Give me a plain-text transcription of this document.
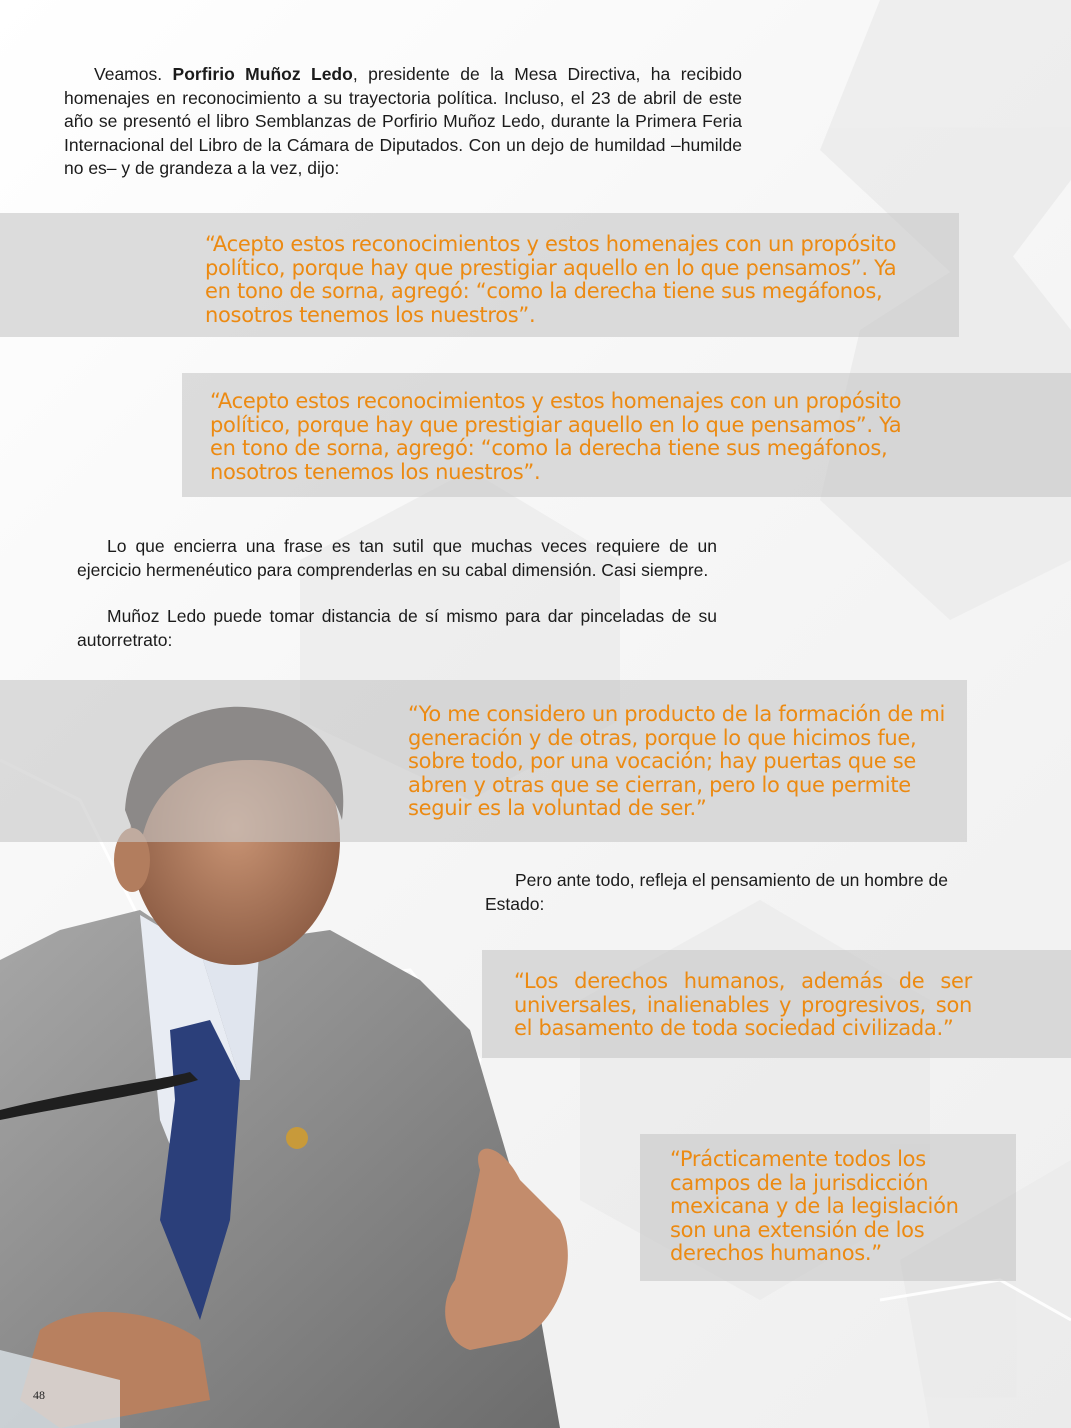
Veamos. Porfirio Muñoz Ledo, presidente de la Mesa Directiva, ha recibido homenajes en reconocimiento a su trayectoria política. Incluso, el 23 de abril de este año se presentó el libro Semblanzas de Porfirio Muñoz Ledo, durante la Primera Feria Internacional del Libro de la Cámara de Diputados. Con un dejo de humildad –humilde no es– y de grandeza a la vez, dijo:

“Acepto estos reconocimientos y estos homenajes con un propósito político, porque hay que prestigiar aquello en lo que pensamos”. Ya en tono de sorna, agregó: “como la derecha tiene sus megáfonos, nosotros tenemos los nuestros”.

“Acepto estos reconocimientos y estos homenajes con un propósito político, porque hay que prestigiar aquello en lo que pensamos”. Ya en tono de sorna, agregó: “como la derecha tiene sus megáfonos, nosotros tenemos los nuestros”.

Lo que encierra una frase es tan sutil que muchas veces requiere de un ejercicio hermenéutico para comprenderlas en su cabal dimensión. Casi siempre.

Muñoz Ledo puede tomar distancia de sí mismo para dar pinceladas de su autorretrato:

“Yo me considero un producto de la formación de mi generación y de otras, porque lo que hicimos fue, sobre todo, por una vocación; hay puertas que se abren y otras que se cierran, pero lo que permite seguir es la voluntad de ser.”

Pero ante todo, refleja el pensamiento de un hombre de Estado:

“Los derechos humanos, además de ser universales, inalienables y progresivos, son el basamento de toda sociedad civilizada.”

“Prácticamente todos los campos de la jurisdicción mexicana y de la legislación son una extensión de los derechos humanos.”

48
